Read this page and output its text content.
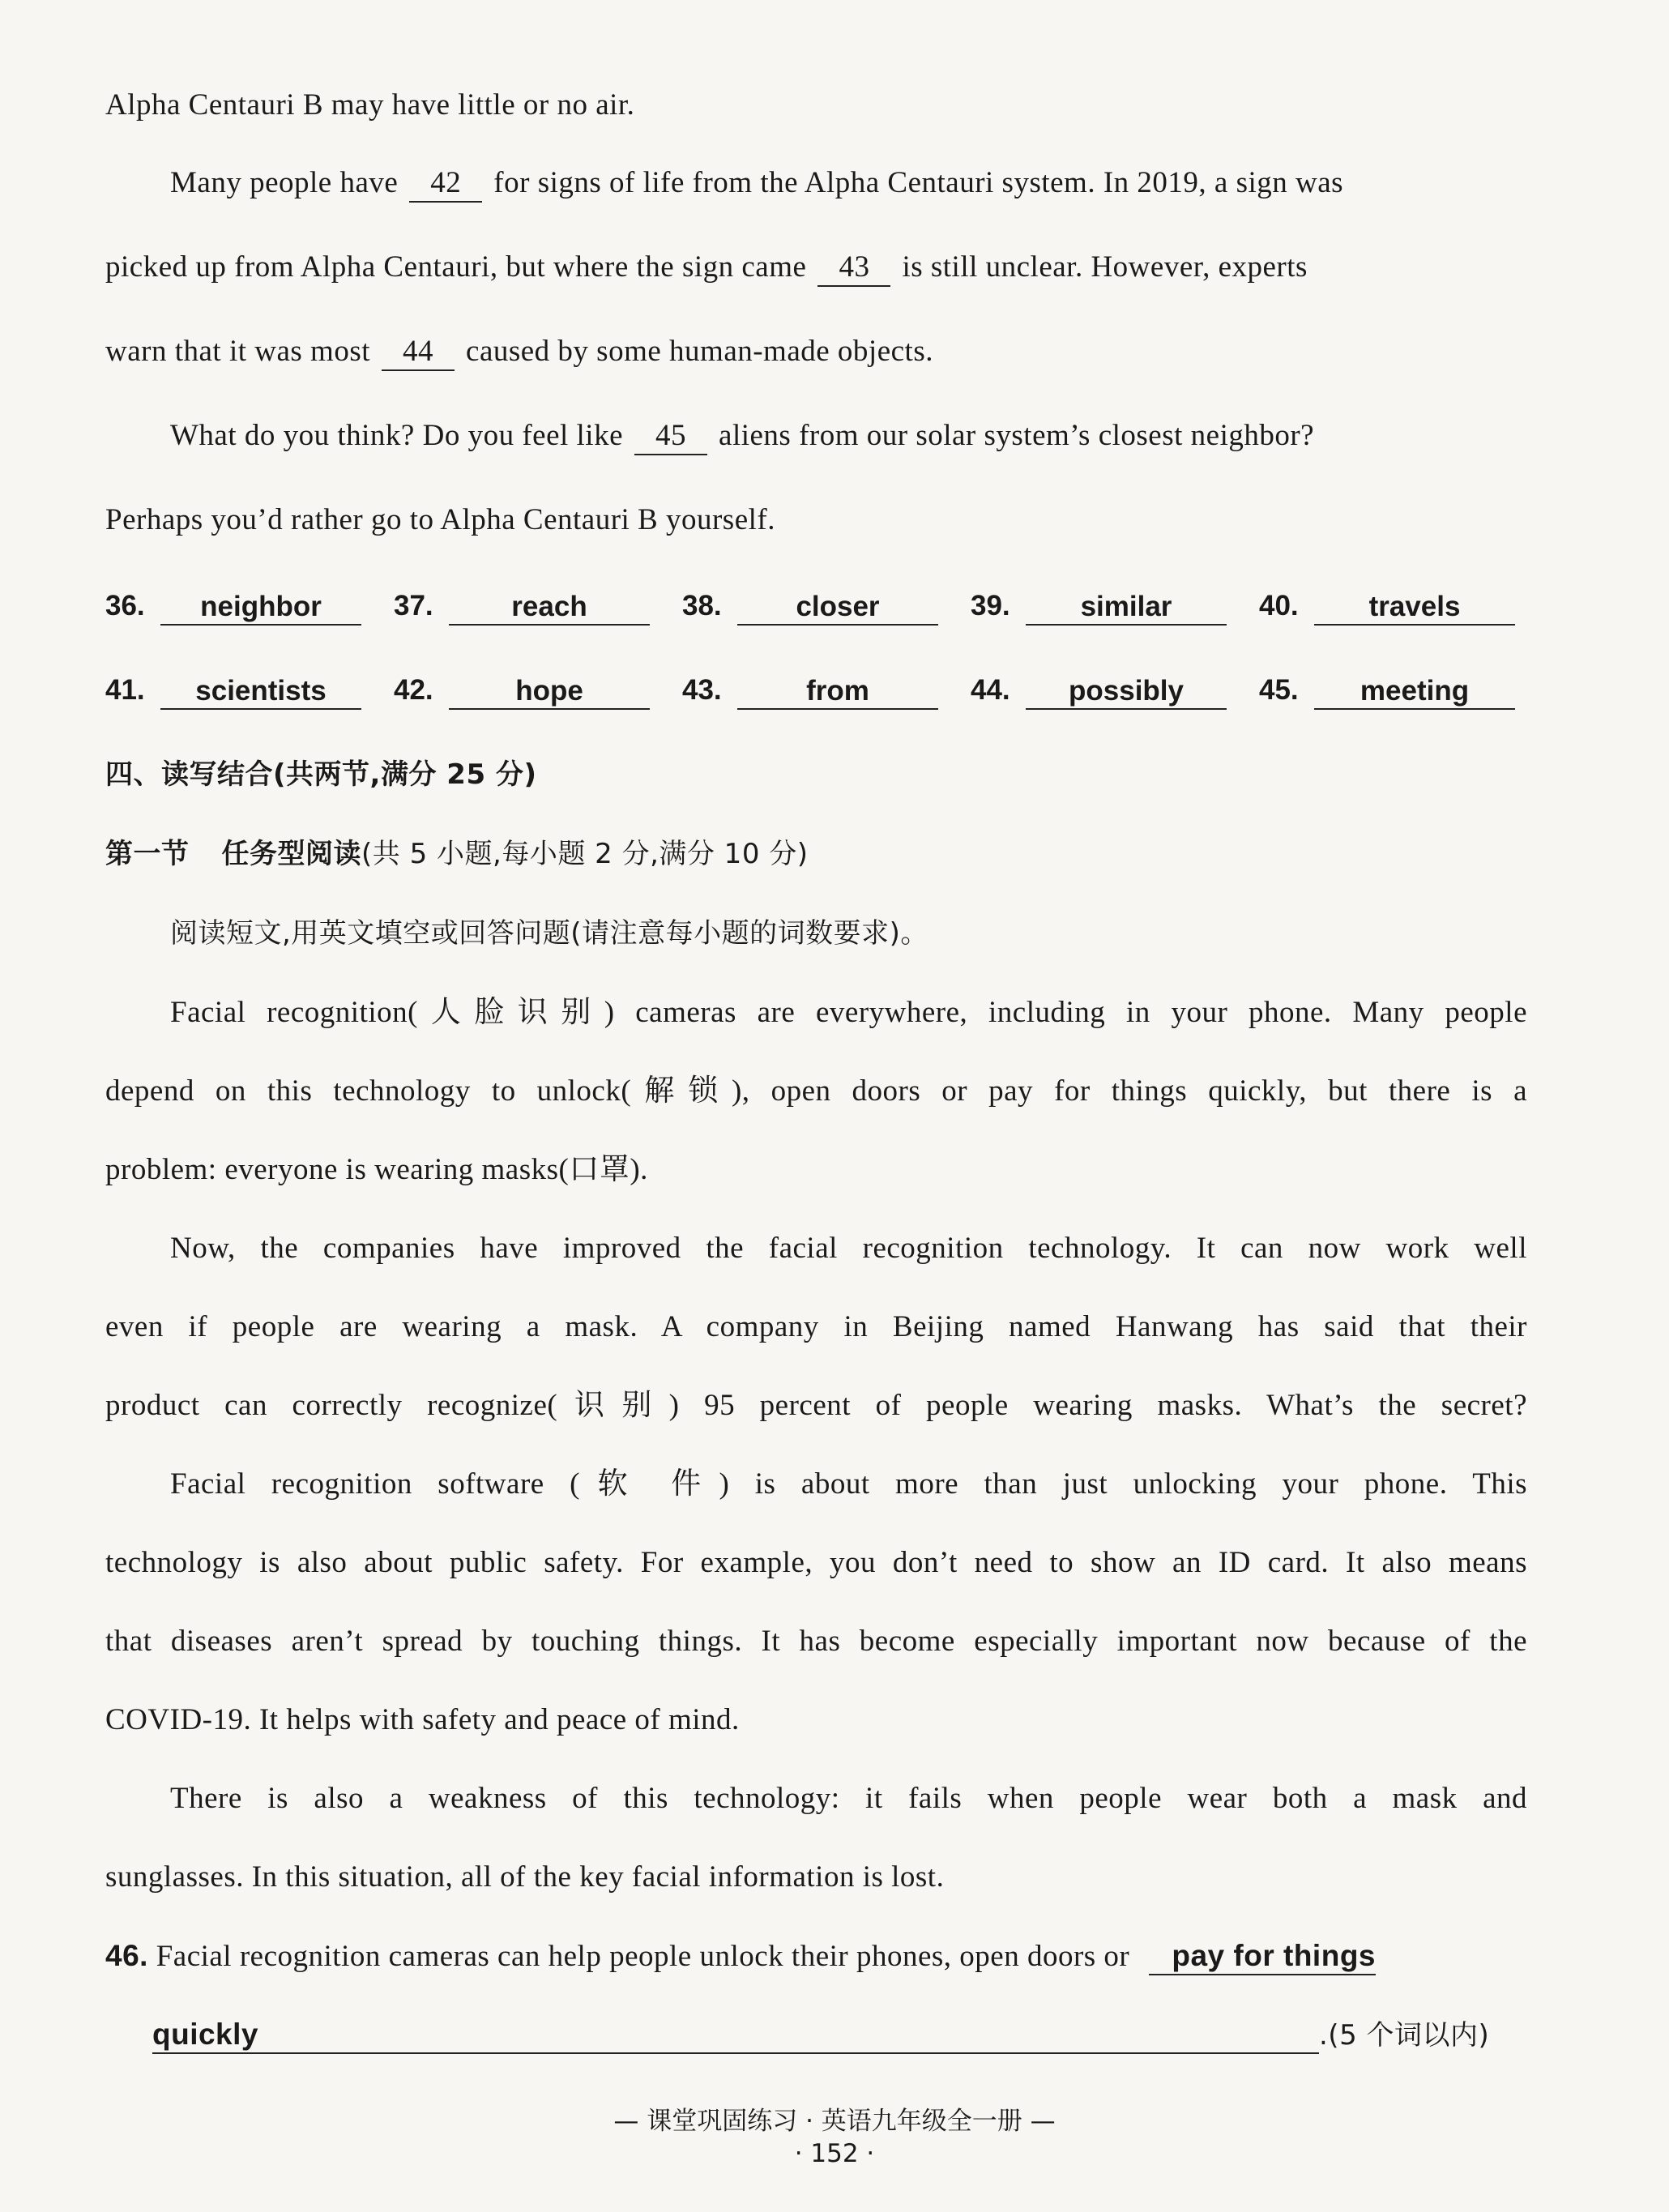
Alpha Centauri B may have little or no air.
Many people have 42 for signs of life from the Alpha Centauri system. In 2019, a sign was
picked up from Alpha Centauri, but where the sign came 43 is still unclear. However, experts
warn that it was most 44 caused by some human-made objects.
What do you think? Do you feel like 45 aliens from our solar system’s closest neighbor?
Perhaps you’d rather go to Alpha Centauri B yourself.
36.	neighbor	37.	reach	38.	closer	39.	similar	40.	travels
41.	scientists	42.	hope	43.	from	44.	possibly	45.	meeting
四、读写结合(共两节,满分 25 分)
第一节 任务型阅读(共 5 小题,每小题 2 分,满分 10 分)
阅读短文,用英文填空或回答问题(请注意每小题的词数要求)。
Facial recognition(人脸识别) cameras are everywhere, including in your phone. Many people
depend on this technology to unlock(解锁), open doors or pay for things quickly, but there is a
problem: everyone is wearing masks(口罩).
Now, the companies have improved the facial recognition technology. It can now work well
even if people are wearing a mask. A company in Beijing named Hanwang has said that their
product can correctly recognize(识别) 95 percent of people wearing masks. What’s the secret?
Facial recognition software (软 件) is about more than just unlocking your phone. This
technology is also about public safety. For example, you don’t need to show an ID card. It also means
that diseases aren’t spread by touching things. It has become especially important now because of the
COVID-19. It helps with safety and peace of mind.
There is also a weakness of this technology: it fails when people wear both a mask and
sunglasses. In this situation, all of the key facial information is lost.
46. Facial recognition cameras can help people unlock their phones, open doors or pay for things
quickly	.(5 个词以内)
— 课堂巩固练习 · 英语九年级全一册 —
· 152 ·
